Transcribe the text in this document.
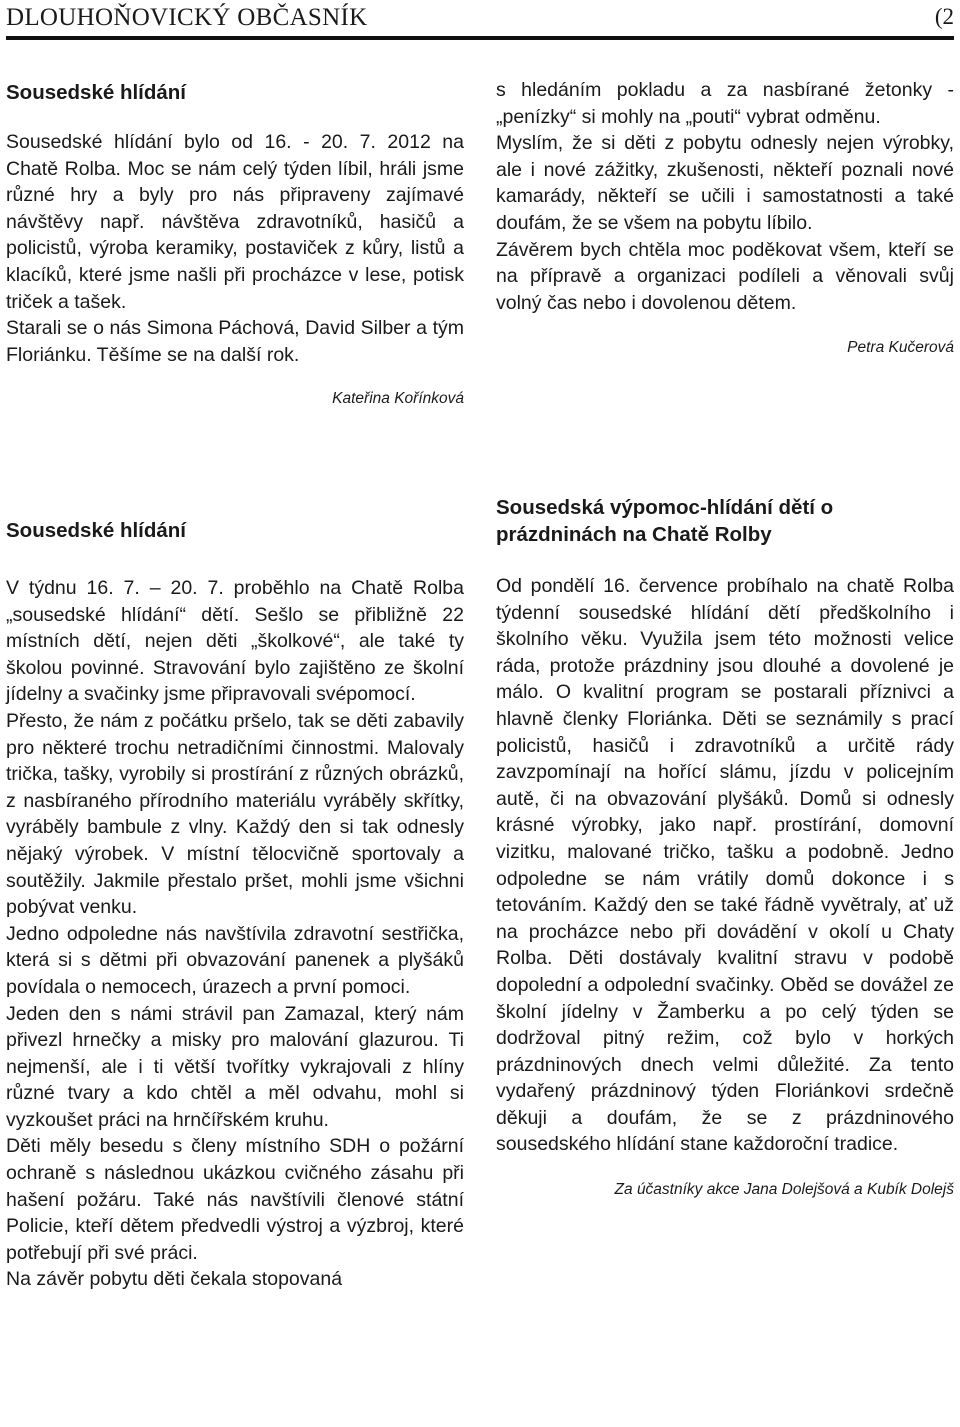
DLOUHOŇOVICKÝ OBČASNÍK	(2
Sousedské hlídání

Sousedské hlídání bylo od 16. - 20. 7. 2012 na Chatě Rolba. Moc se nám celý týden líbil, hráli jsme různé hry a byly pro nás připraveny zajímavé návštěvy např. návštěva zdravotníků, hasičů a policistů, výroba keramiky, postaviček z kůry, listů a klacíků, které jsme našli při procházce v lese, potisk triček a tašek.

Starali se o nás Simona Páchová, David Silber a tým Floriánku. Těšíme se na další rok.

Kateřina Kořínková

Sousedské hlídání

V týdnu 16. 7. – 20. 7. proběhlo na Chatě Rolba „sousedské hlídání“ dětí. Sešlo se přibližně 22 místních dětí, nejen děti „školkové“, ale také ty školou povinné. Stravování bylo zajištěno ze školní jídelny a svačinky jsme připravovali svépomocí.

Přesto, že nám z počátku pršelo, tak se děti zabavily pro některé trochu netradičními činnostmi. Malovaly trička, tašky, vyrobily si prostírání z různých obrázků, z nasbíraného přírodního materiálu vyráběly skřítky, vyráběly bambule z vlny. Každý den si tak odnesly nějaký výrobek. V místní tělocvičně sportovaly a soutěžily. Jakmile přestalo pršet, mohli jsme všichni pobývat venku.

Jedno odpoledne nás navštívila zdravotní sestřička, která si s dětmi při obvazování panenek a plyšáků povídala o nemocech, úrazech a první pomoci.

Jeden den s námi strávil pan Zamazal, který nám přivezl hrnečky a misky pro malování glazurou. Ti nejmenší, ale i ti větší tvořítky vykrajovali z hlíny různé tvary a kdo chtěl a měl odvahu, mohl si vyzkoušet práci na hrnčířském kruhu.

Děti měly besedu s členy místního SDH o požární ochraně s následnou ukázkou cvičného zásahu při hašení požáru. Také nás navštívili členové státní Policie, kteří dětem předvedli výstroj a výzbroj, které potřebují při své práci.

Na závěr pobytu děti čekala stopovaná

s hledáním pokladu a za nasbírané žetonky - „penízky“ si mohly na „pouti“ vybrat odměnu.

Myslím, že si děti z pobytu odnesly nejen výrobky, ale i nové zážitky, zkušenosti, někteří poznali nové kamarády, někteří se učili i samostatnosti a také doufám, že se všem na pobytu líbilo.

Závěrem bych chtěla moc poděkovat všem, kteří se na přípravě a organizaci podíleli a věnovali svůj volný čas nebo i dovolenou dětem.

Petra Kučerová

Sousedská výpomoc-hlídání dětí o prázdninách na Chatě Rolby

Od pondělí 16. července probíhalo na chatě Rolba týdenní sousedské hlídání dětí předškolního i školního věku. Využila jsem této možnosti velice ráda, protože prázdniny jsou dlouhé a dovolené je málo. O kvalitní program se postarali příznivci a hlavně členky Floriánka. Děti se seznámily s prací policistů, hasičů i zdravotníků a určitě rády zavzpomínají na hořící slámu, jízdu v policejním autě, či na obvazování plyšáků. Domů si odnesly krásné výrobky, jako např. prostírání, domovní vizitku, malované tričko, tašku a podobně. Jedno odpoledne se nám vrátily domů dokonce i s tetováním. Každý den se také řádně vyvětraly, ať už na procházce nebo při dovádění v okolí u Chaty Rolba. Děti dostávaly kvalitní stravu v podobě dopolední a odpolední svačinky. Oběd se dovážel ze školní jídelny v Žamberku a po celý týden se dodržoval pitný režim, což bylo v horkých prázdninových dnech velmi důležité. Za tento vydařený prázdninový týden Floriánkovi srdečně děkuji a doufám, že se z prázdninového sousedského hlídání stane každoroční tradice.

Za účastníky akce Jana Dolejšová a Kubík Dolejš
